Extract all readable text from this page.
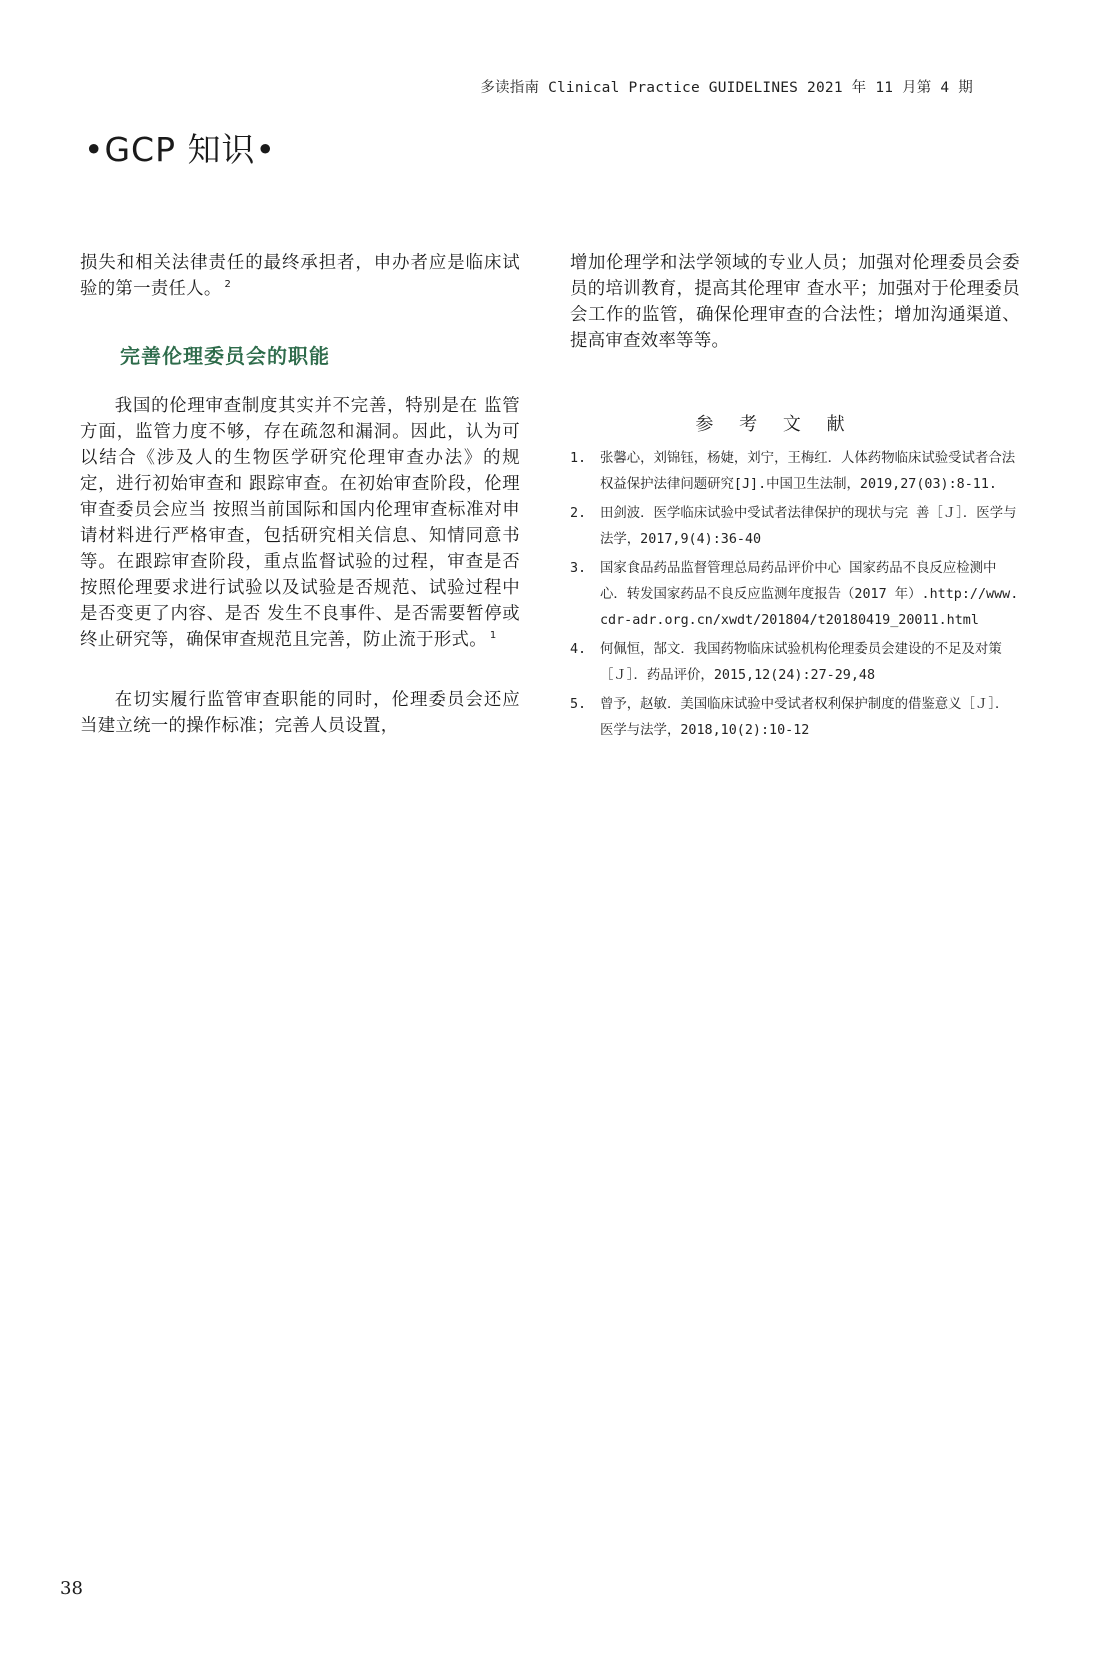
多读指南 Clinical Practice GUIDELINES 2021 年 11 月第 4 期
•GCP 知识•

损失和相关法律责任的最终承担者，申办者应是临床试验的第一责任人。 $^2$

完善伦理委员会的职能

我国的伦理审查制度其实并不完善，特别是在 监管方面，监管力度不够，存在疏忽和漏洞。因此，认为可以结合《涉及人的生物医学研究伦理审查办法》的规定，进行初始审查和 跟踪审查。在初始审查阶段，伦理审查委员会应当 按照当前国际和国内伦理审查标准对申请材料进行严格审查，包括研究相关信息、知情同意书等。在跟踪审查阶段，重点监督试验的过程，审查是否按照伦理要求进行试验以及试验是否规范、试验过程中是否变更了内容、是否 发生不良事件、是否需要暂停或终止研究等，确保审查规范且完善，防止流于形式。 $^1$

在切实履行监管审查职能的同时，伦理委员会还应当建立统一的操作标准；完善人员设置，

增加伦理学和法学领域的专业人员；加强对伦理委员会委员的培训教育，提高其伦理审 查水平；加强对于伦理委员会工作的监管，确保伦理审查的合法性；增加沟通渠道、提高审查效率等等。

参 考 文 献
1.	张馨心，刘锦钰，杨婕，刘宁，王梅红．人体药物临床试验受试者合法权益保护法律问题研究[J].中国卫生法制，2019,27(03):8-11.
2.	田剑波．医学临床试验中受试者法律保护的现状与完 善［Ｊ］．医学与法学，2017,9(4):36-40
3.	国家食品药品监督管理总局药品评价中心 国家药品不良反应检测中心．转发国家药品不良反应监测年度报告（2017 年）.http://www.cdr-adr.org.cn/xwdt/201804/t20180419_20011.html
4.	何佩恒，郜文．我国药物临床试验机构伦理委员会建设的不足及对策［Ｊ］．药品评价，2015,12(24):27-29,48
5.	曾予，赵敏．美国临床试验中受试者权利保护制度的借鉴意义［Ｊ］．医学与法学，2018,10(2):10-12
38
